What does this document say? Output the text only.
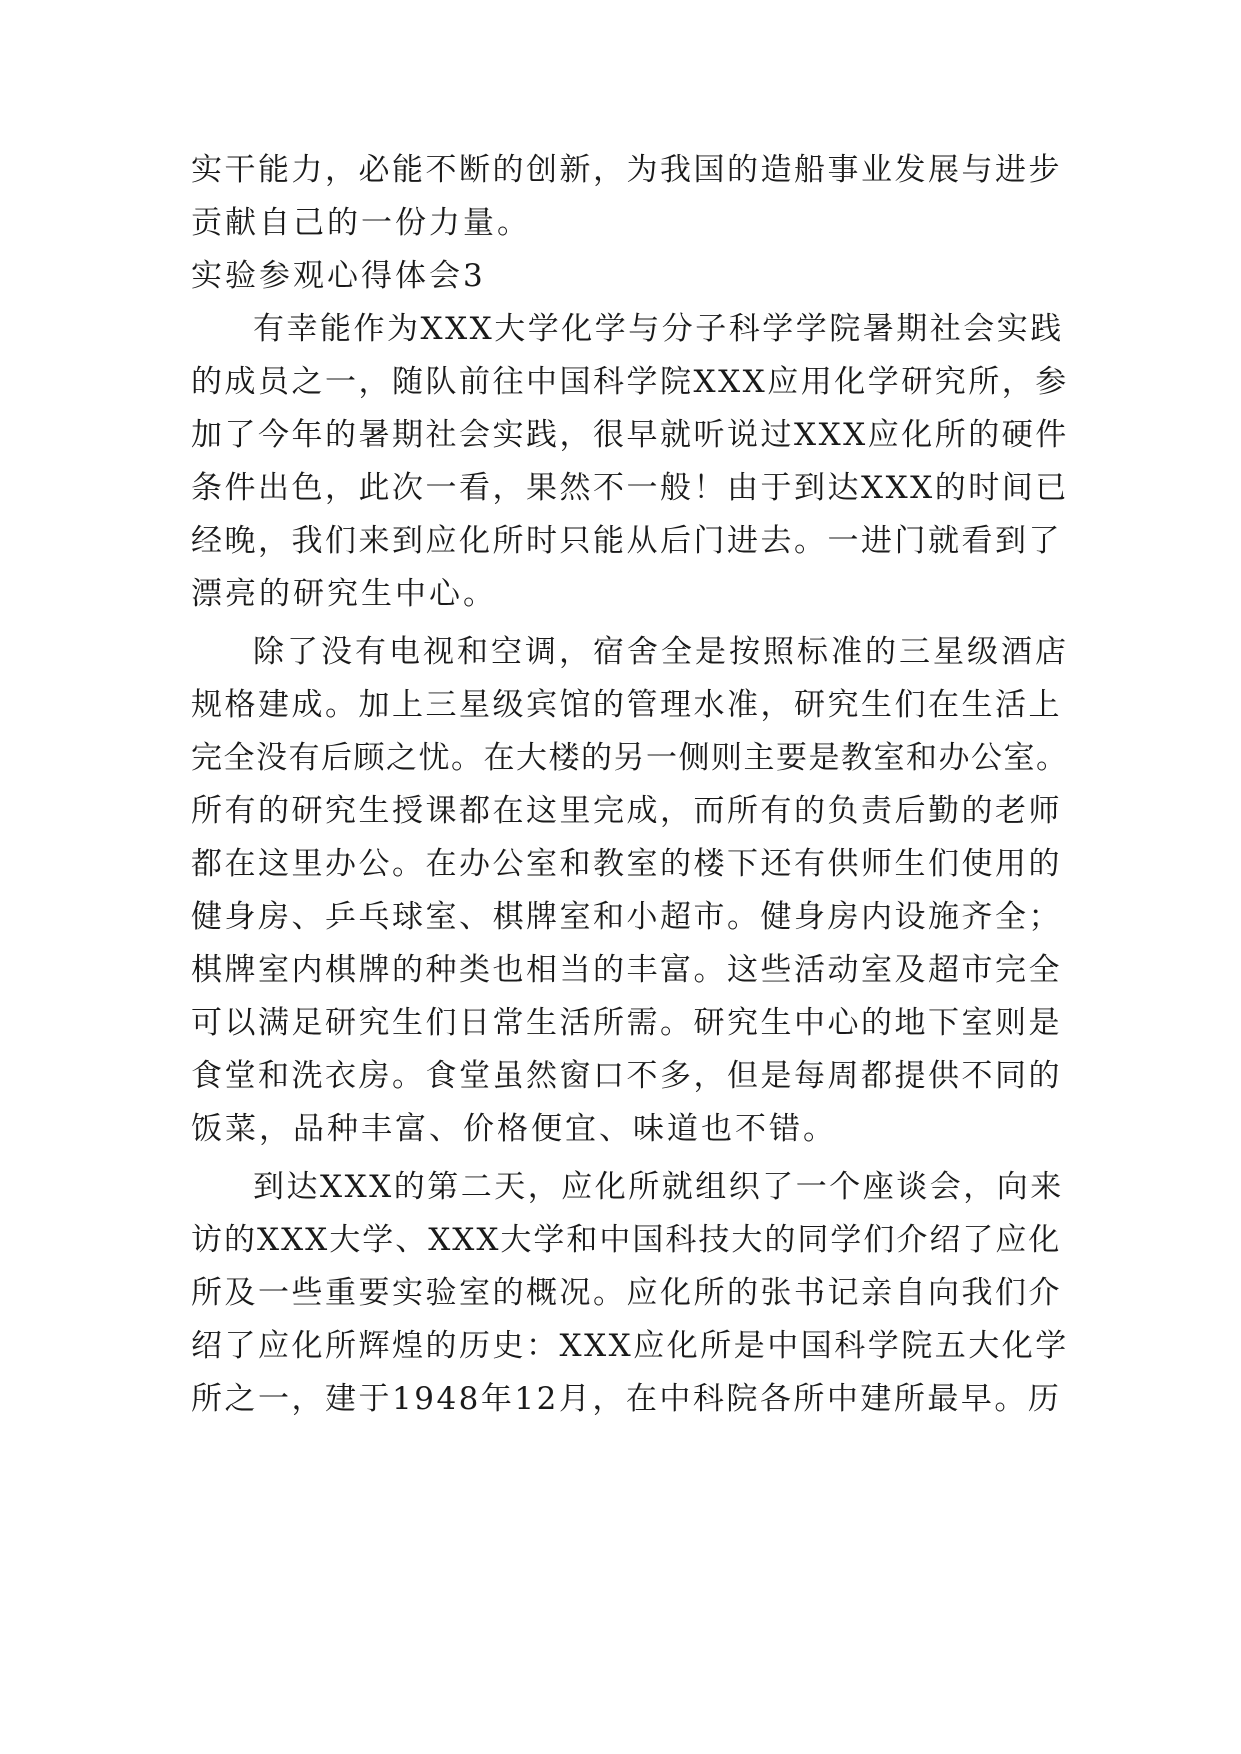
实干能力，必能不断的创新，为我国的造船事业发展与进步
贡献自己的一份力量。
实验参观心得体会3
有幸能作为XXX大学化学与分子科学学院暑期社会实践
的成员之一，随队前往中国科学院XXX应用化学研究所，参
加了今年的暑期社会实践，很早就听说过XXX应化所的硬件
条件出色，此次一看，果然不一般！由于到达XXX的时间已
经晚，我们来到应化所时只能从后门进去。一进门就看到了
漂亮的研究生中心。
除了没有电视和空调，宿舍全是按照标准的三星级酒店
规格建成。加上三星级宾馆的管理水准，研究生们在生活上
完全没有后顾之忧。在大楼的另一侧则主要是教室和办公室。
所有的研究生授课都在这里完成，而所有的负责后勤的老师
都在这里办公。在办公室和教室的楼下还有供师生们使用的
健身房、乒乓球室、棋牌室和小超市。健身房内设施齐全；
棋牌室内棋牌的种类也相当的丰富。这些活动室及超市完全
可以满足研究生们日常生活所需。研究生中心的地下室则是
食堂和洗衣房。食堂虽然窗口不多，但是每周都提供不同的
饭菜，品种丰富、价格便宜、味道也不错。
到达XXX的第二天，应化所就组织了一个座谈会，向来
访的XXX大学、XXX大学和中国科技大的同学们介绍了应化
所及一些重要实验室的概况。应化所的张书记亲自向我们介
绍了应化所辉煌的历史：XXX应化所是中国科学院五大化学
所之一，建于1948年12月，在中科院各所中建所最早。历
